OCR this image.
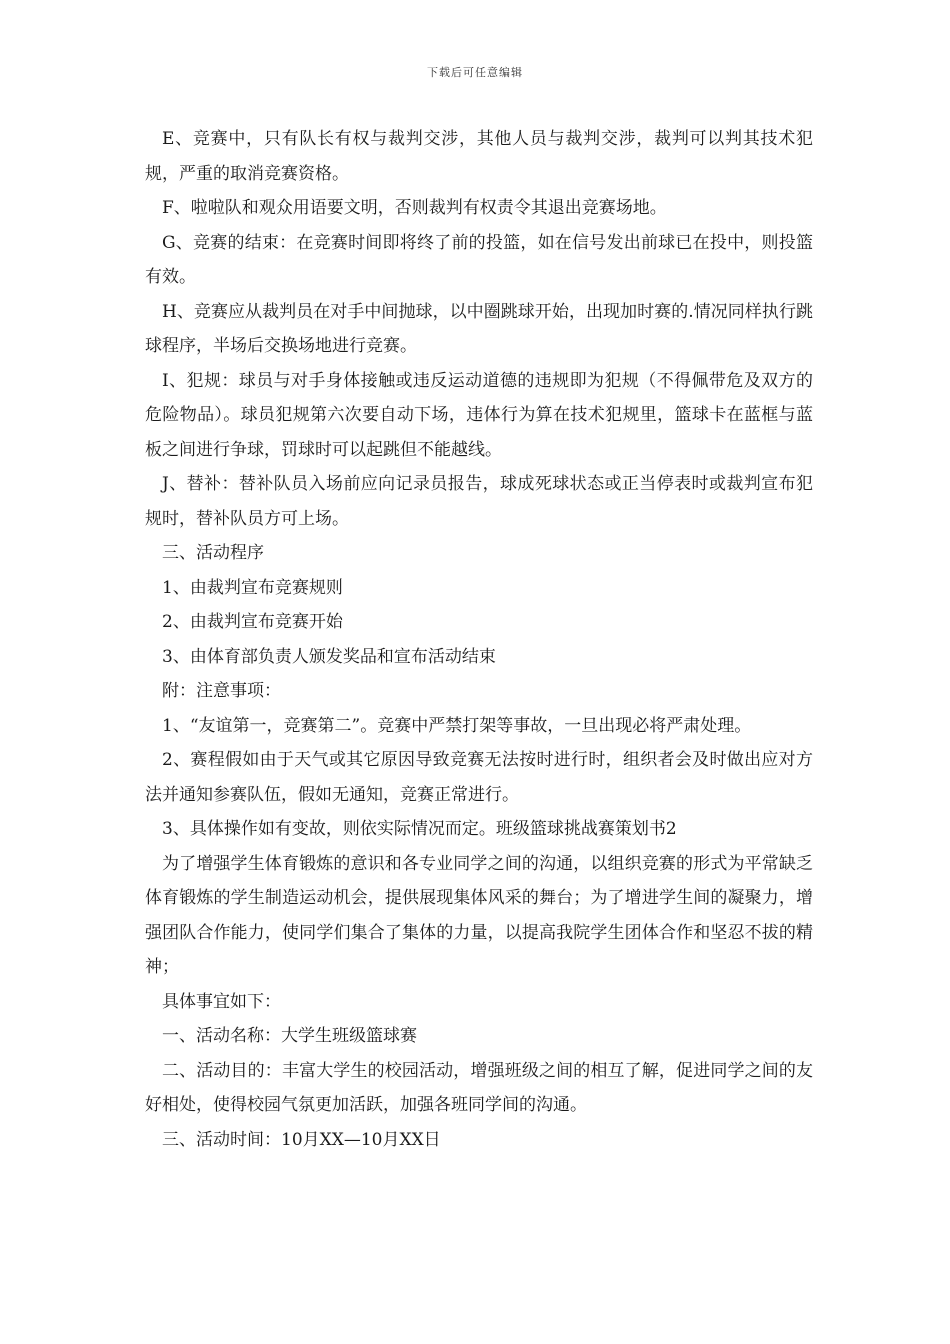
下载后可任意编辑

E、竞赛中，只有队长有权与裁判交涉，其他人员与裁判交涉，裁判可以判其技术犯规，严重的取消竞赛资格。

F、啦啦队和观众用语要文明，否则裁判有权责令其退出竞赛场地。

G、竞赛的结束：在竞赛时间即将终了前的投篮，如在信号发出前球已在投中，则投篮有效。

H、竞赛应从裁判员在对手中间抛球，以中圈跳球开始，出现加时赛的.情况同样执行跳球程序，半场后交换场地进行竞赛。

I、犯规：球员与对手身体接触或违反运动道德的违规即为犯规（不得佩带危及双方的危险物品）。球员犯规第六次要自动下场，违体行为算在技术犯规里，篮球卡在蓝框与蓝板之间进行争球，罚球时可以起跳但不能越线。

J、替补：替补队员入场前应向记录员报告，球成死球状态或正当停表时或裁判宣布犯规时，替补队员方可上场。

三、活动程序

1、由裁判宣布竞赛规则

2、由裁判宣布竞赛开始

3、由体育部负责人颁发奖品和宣布活动结束

附：注意事项：

1、“友谊第一，竞赛第二”。竞赛中严禁打架等事故，一旦出现必将严肃处理。

2、赛程假如由于天气或其它原因导致竞赛无法按时进行时，组织者会及时做出应对方法并通知参赛队伍，假如无通知，竞赛正常进行。

3、具体操作如有变故，则依实际情况而定。班级篮球挑战赛策划书2

为了增强学生体育锻炼的意识和各专业同学之间的沟通，以组织竞赛的形式为平常缺乏体育锻炼的学生制造运动机会，提供展现集体风采的舞台；为了增进学生间的凝聚力，增强团队合作能力，使同学们集合了集体的力量，以提高我院学生团体合作和坚忍不拔的精神；

具体事宜如下：

一、活动名称：大学生班级篮球赛

二、活动目的：丰富大学生的校园活动，增强班级之间的相互了解，促进同学之间的友好相处，使得校园气氛更加活跃，加强各班同学间的沟通。

三、活动时间：10月XX—10月XX日
